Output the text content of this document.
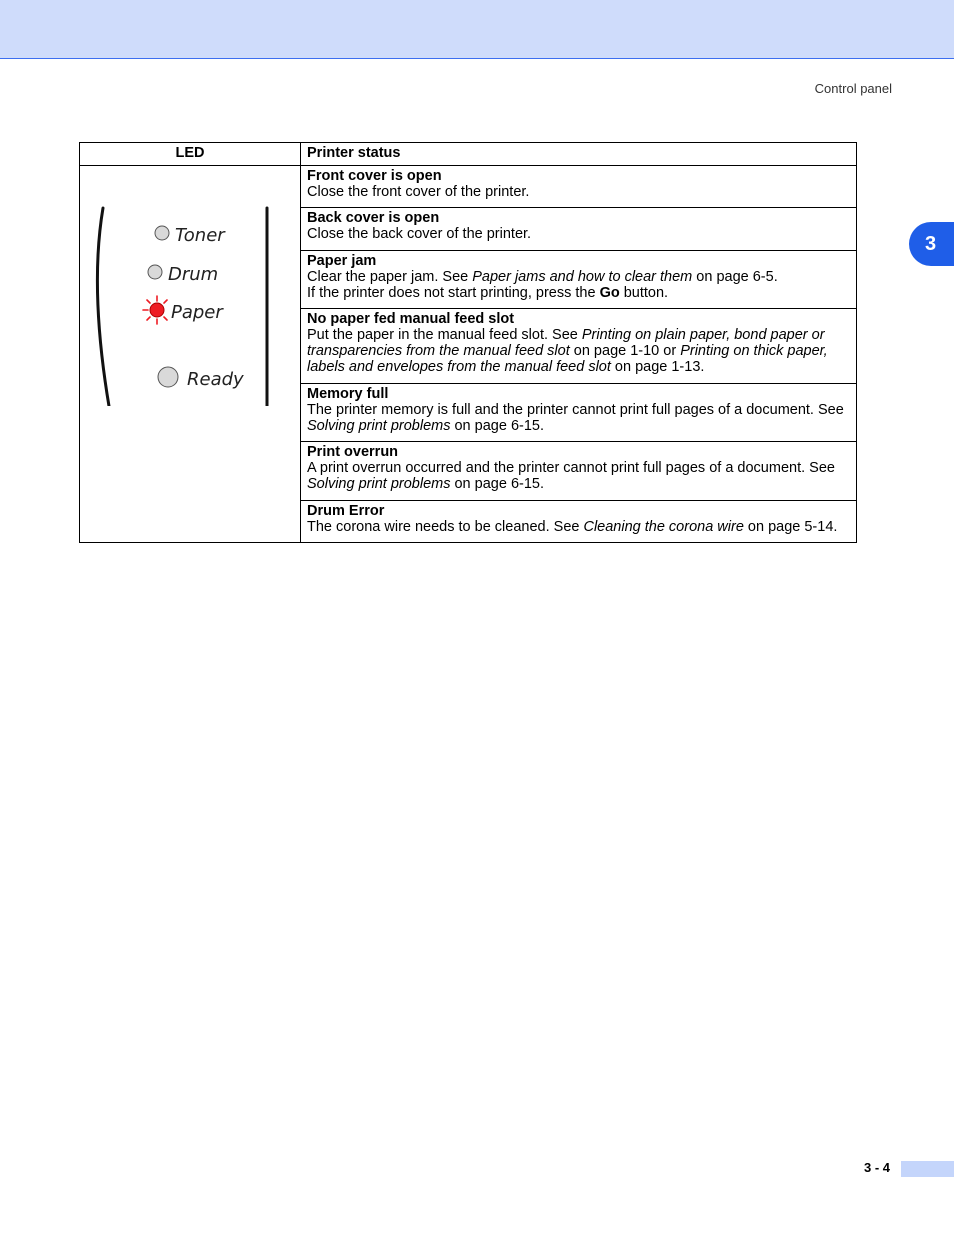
Control panel
3
LED	Printer status

Toner
Drum
Paper
Ready	Front cover is open
Close the front cover of the printer.

	Back cover is open
Close the back cover of the printer.

	Paper jam
Clear the paper jam. See Paper jams and how to clear them on page 6-5.
If the printer does not start printing, press the Go button.

	No paper fed manual feed slot
Put the paper in the manual feed slot. See Printing on plain paper, bond paper or transparencies from the manual feed slot on page 1-10 or Printing on thick paper, labels and envelopes from the manual feed slot on page 1-13.

	Memory full
The printer memory is full and the printer cannot print full pages of a document. See Solving print problems on page 6-15.

	Print overrun
A print overrun occurred and the printer cannot print full pages of a document. See Solving print problems on page 6-15.

	Drum Error
The corona wire needs to be cleaned. See Cleaning the corona wire on page 5-14.
3 - 4
